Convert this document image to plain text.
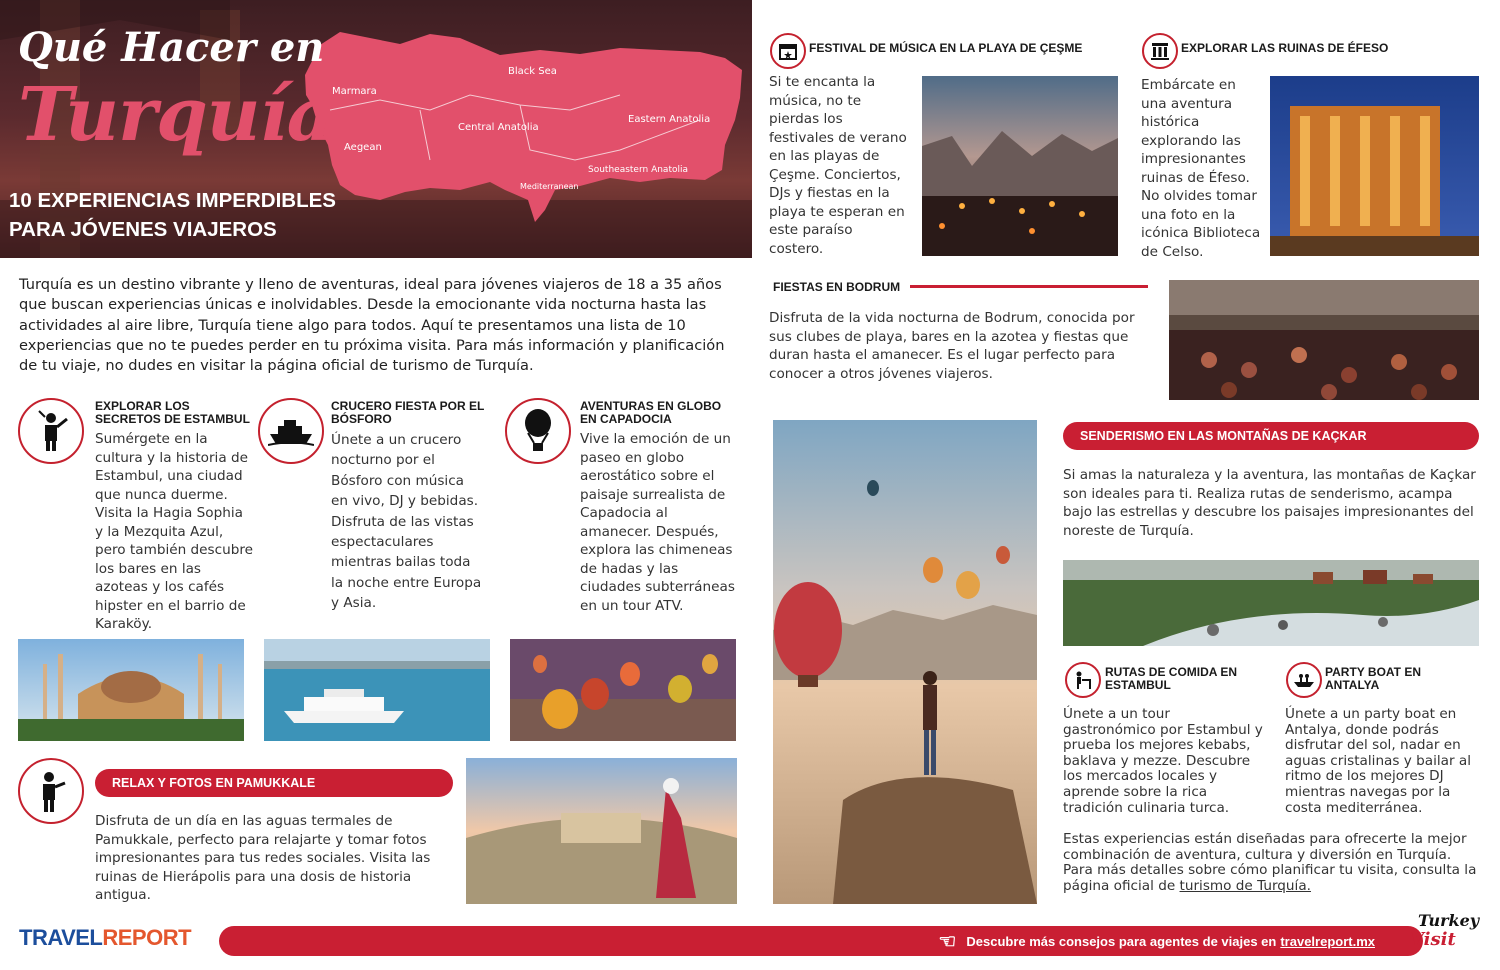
Qué Hacer en
Turquía
10 EXPERIENCIAS IMPERDIBLES
PARA JÓVENES VIAJEROS
Black Sea
Marmara
Central Anatolia
Eastern Anatolia
Aegean
Southeastern Anatolia
Mediterranean
Turquía es un destino vibrante y lleno de aventuras, ideal para jóvenes viajeros de 18 a 35 años que buscan experiencias únicas e inolvidables. Desde la emocionante vida nocturna hasta las actividades al aire libre, Turquía tiene algo para todos. Aquí te presentamos una lista de 10 experiencias que no te puedes perder en tu próxima visita. Para más información y planificación de tu viaje, no dudes en visitar la página oficial de turismo de Turquía.
EXPLORAR LOS SECRETOS DE ESTAMBUL
Sumérgete en la cultura y la historia de Estambul, una ciudad que nunca duerme. Visita la Hagia Sophia y la Mezquita Azul, pero también descubre los bares en las azoteas y los cafés hipster en el barrio de Karaköy.
CRUCERO FIESTA POR EL BÓSFORO
Únete a un crucero nocturno por el Bósforo con música en vivo, DJ y bebidas. Disfruta de las vistas espectaculares mientras bailas toda la noche entre Europa y Asia.
AVENTURAS EN GLOBO EN CAPADOCIA
Vive la emoción de un paseo en globo aerostático sobre el paisaje surrealista de Capadocia al amanecer. Después, explora las chimeneas de hadas y las ciudades subterráneas en un tour ATV.
RELAX Y FOTOS EN PAMUKKALE
Disfruta de un día en las aguas termales de Pamukkale, perfecto para relajarte y tomar fotos impresionantes para tus redes sociales. Visita las ruinas de Hierápolis para una dosis de historia antigua.
FESTIVAL DE MÚSICA EN LA PLAYA DE ÇEŞME
Si te encanta la música, no te pierdas los festivales de verano en las playas de Çeşme. Conciertos, DJs y fiestas en la playa te esperan en este paraíso costero.
EXPLORAR LAS RUINAS DE ÉFESO
Embárcate en una aventura histórica explorando las impresionantes ruinas de Éfeso. No olvides tomar una foto en la icónica Biblioteca de Celso.
FIESTAS EN BODRUM
Disfruta de la vida nocturna de Bodrum, conocida por sus clubes de playa, bares en la azotea y fiestas que duran hasta el amanecer. Es el lugar perfecto para conocer a otros jóvenes viajeros.
SENDERISMO EN LAS MONTAÑAS DE KAÇKAR
Si amas la naturaleza y la aventura, las montañas de Kaçkar son ideales para ti. Realiza rutas de senderismo, acampa bajo las estrellas y descubre los paisajes impresionantes del noreste de Turquía.
RUTAS DE COMIDA EN ESTAMBUL
Únete a un tour gastronómico por Estambul y prueba los mejores kebabs, baklava y mezze. Descubre los mercados locales y aprende sobre la rica tradición culinaria turca.
PARTY BOAT EN ANTALYA
Únete a un party boat en Antalya, donde podrás disfrutar del sol, nadar en aguas cristalinas y bailar al ritmo de los mejores DJ mientras navegas por la costa mediterránea.
Estas experiencias están diseñadas para ofrecerte la mejor combinación de aventura, cultura y diversión en Turquía. Para más detalles sobre cómo planificar tu visita, consulta la página oficial de turismo de Turquía.
TRAVELREPORT	☜ Descubre más consejos para agentes de viajes en travelreport.mx
Turkey
Visit
